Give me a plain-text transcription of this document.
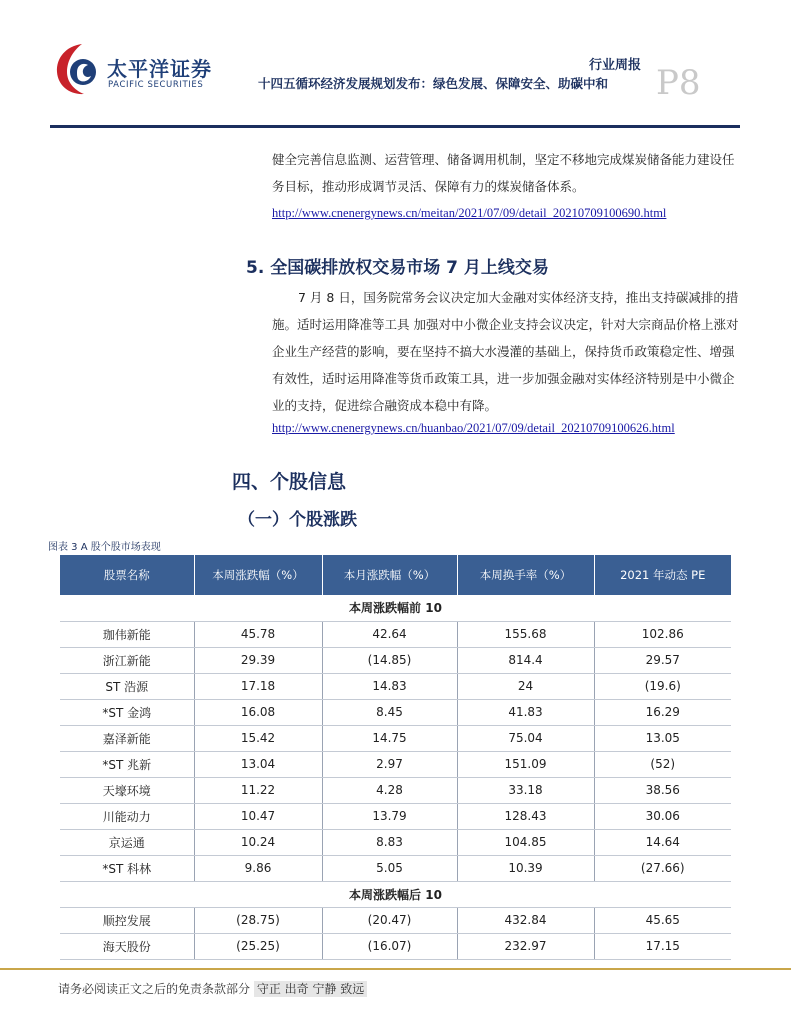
太平洋证券
PACIFIC SECURITIES
行业周报
十四五循环经济发展规划发布：绿色发展、保障安全、助碳中和 P8

健全完善信息监测、运营管理、储备调用机制，坚定不移地完成煤炭储备能力建设任务目标，推动形成调节灵活、保障有力的煤炭储备体系。

http://www.cnenergynews.cn/meitan/2021/07/09/detail_20210709100690.html
5. 全国碳排放权交易市场 7 月上线交易

7 月 8 日，国务院常务会议决定加大金融对实体经济支持，推出支持碳减排的措施。适时运用降准等工具 加强对中小微企业支持会议决定，针对大宗商品价格上涨对企业生产经营的影响，要在坚持不搞大水漫灌的基础上，保持货币政策稳定性、增强有效性，适时运用降准等货币政策工具，进一步加强金融对实体经济特别是中小微企业的支持，促进综合融资成本稳中有降。

http://www.cnenergynews.cn/huanbao/2021/07/09/detail_20210709100626.html
四、个股信息
（一）个股涨跌
图表 3 A 股个股市场表现
股票名称	本周涨跌幅（%）	本月涨跌幅（%）	本周换手率（%）	2021 年动态 PE
本周涨跌幅前 10				
珈伟新能	45.78	42.64	155.68	102.86
浙江新能	29.39	(14.85)	814.4	29.57
ST 浩源	17.18	14.83	24	(19.6)
*ST 金鸿	16.08	8.45	41.83	16.29
嘉泽新能	15.42	14.75	75.04	13.05
*ST 兆新	13.04	2.97	151.09	(52)
天壕环境	11.22	4.28	33.18	38.56
川能动力	10.47	13.79	128.43	30.06
京运通	10.24	8.83	104.85	14.64
*ST 科林	9.86	5.05	10.39	(27.66)
本周涨跌幅后 10				
顺控发展	(28.75)	(20.47)	432.84	45.65
海天股份	(25.25)	(16.07)	232.97	17.15
请务必阅读正文之后的免责条款部分 守正 出奇 宁静 致远
